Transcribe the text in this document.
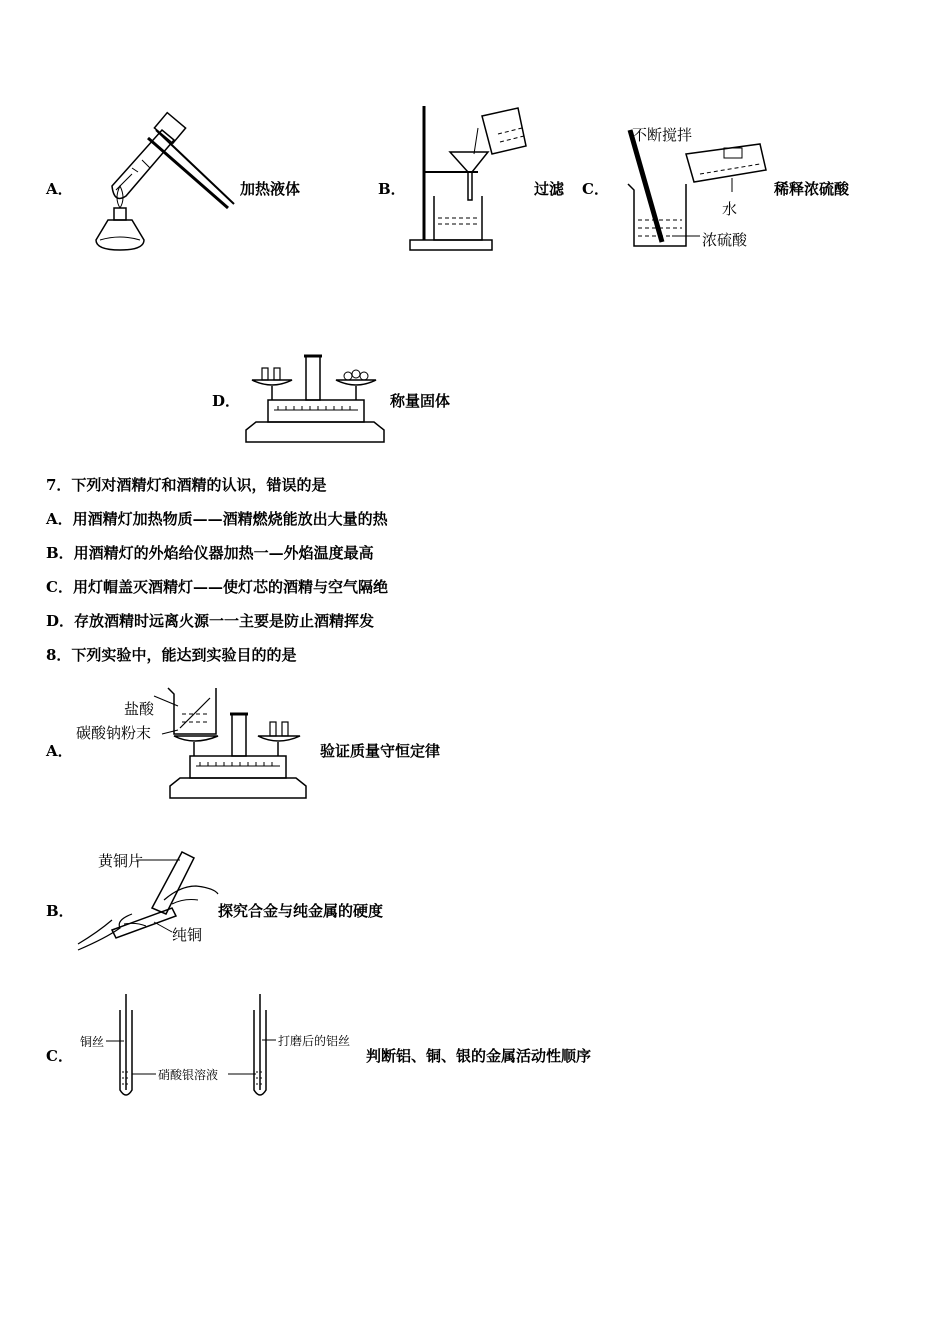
A．	加热液体	B．	过滤 C．
不断搅拌
水
浓硫酸
稀释浓硫酸
D．	称量固体
7．下列对酒精灯和酒精的认识，错误的是
A．用酒精灯加热物质——酒精燃烧能放出大量的热
B．用酒精灯的外焰给仪器加热一—外焰温度最高
C．用灯帽盖灭酒精灯——使灯芯的酒精与空气隔绝
D．存放酒精时远离火源一一主要是防止酒精挥发
8．下列实验中，能达到实验目的的是
A．
盐酸
碳酸钠粉末
验证质量守恒定律
B．
黄铜片
纯铜
探究合金与纯金属的硬度
C．
铜丝
硝酸银溶液
打磨后的铝丝
判断铝、铜、银的金属活动性顺序
